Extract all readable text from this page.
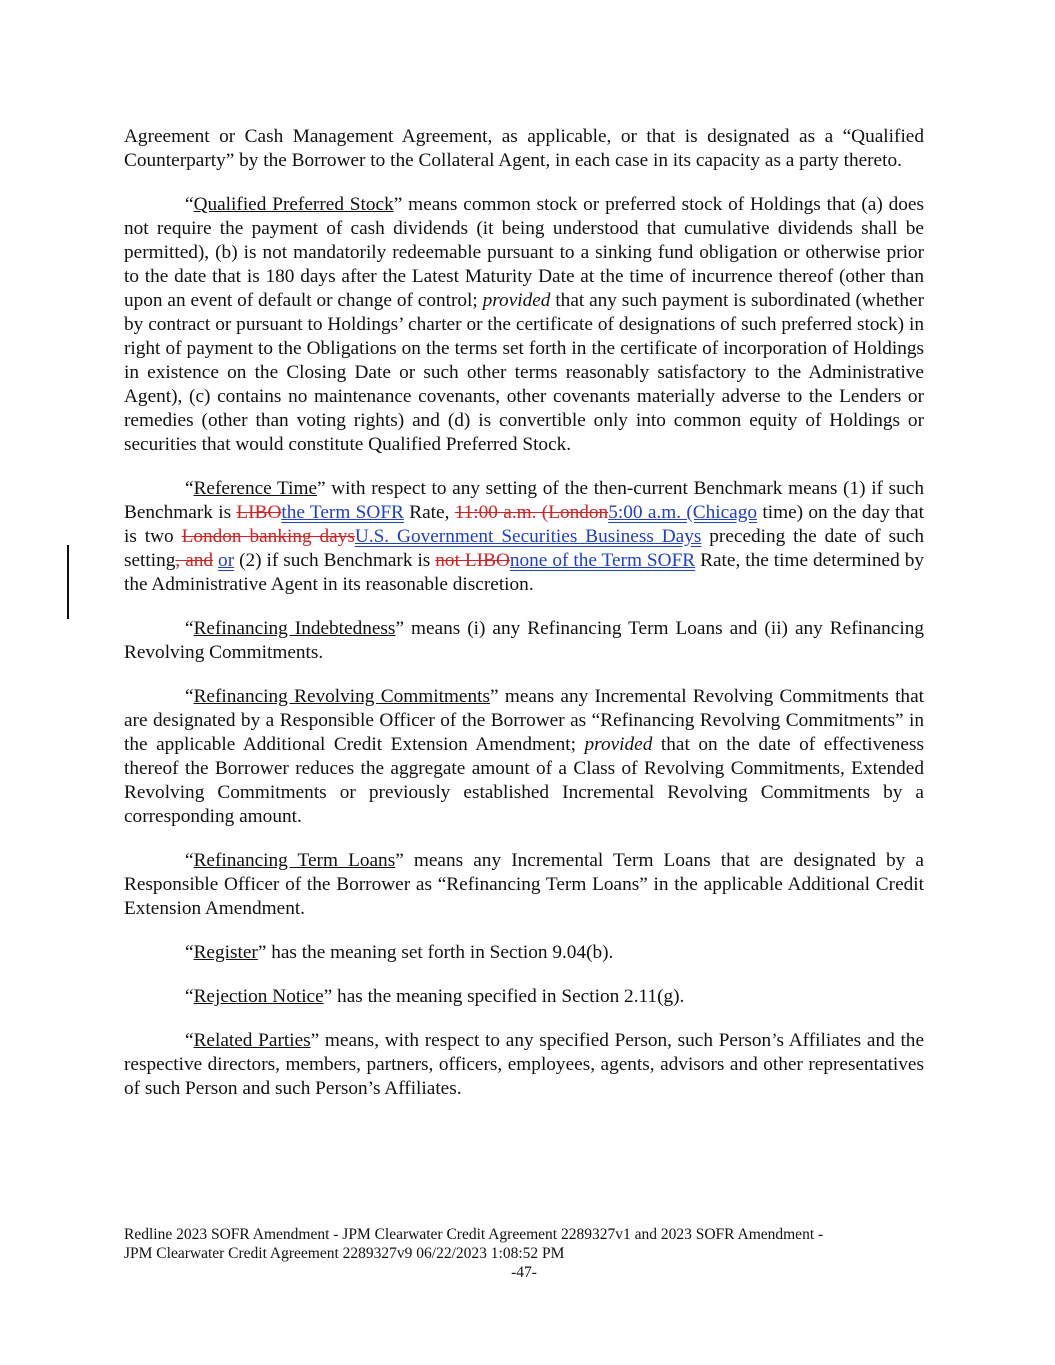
Agreement or Cash Management Agreement, as applicable, or that is designated as a “Qualified Counterparty” by the Borrower to the Collateral Agent, in each case in its capacity as a party thereto.

“Qualified Preferred Stock” means common stock or preferred stock of Holdings that (a) does not require the payment of cash dividends (it being understood that cumulative dividends shall be permitted), (b) is not mandatorily redeemable pursuant to a sinking fund obligation or otherwise prior to the date that is 180 days after the Latest Maturity Date at the time of incurrence thereof (other than upon an event of default or change of control; provided that any such payment is subordinated (whether by contract or pursuant to Holdings’ charter or the certificate of designations of such preferred stock) in right of payment to the Obligations on the terms set forth in the certificate of incorporation of Holdings in existence on the Closing Date or such other terms reasonably satisfactory to the Administrative Agent), (c) contains no maintenance covenants, other covenants materially adverse to the Lenders or remedies (other than voting rights) and (d) is convertible only into common equity of Holdings or securities that would constitute Qualified Preferred Stock.

“Reference Time” with respect to any setting of the then-current Benchmark means (1) if such Benchmark is LIBOthe Term SOFR Rate, 11:00 a.m. (London5:00 a.m. (Chicago time) on the day that is two London banking daysU.S. Government Securities Business Days preceding the date of such setting, and or (2) if such Benchmark is not LIBOnone of the Term SOFR Rate, the time determined by the Administrative Agent in its reasonable discretion.

“Refinancing Indebtedness” means (i) any Refinancing Term Loans and (ii) any Refinancing Revolving Commitments.

“Refinancing Revolving Commitments” means any Incremental Revolving Commitments that are designated by a Responsible Officer of the Borrower as “Refinancing Revolving Commitments” in the applicable Additional Credit Extension Amendment; provided that on the date of effectiveness thereof the Borrower reduces the aggregate amount of a Class of Revolving Commitments, Extended Revolving Commitments or previously established Incremental Revolving Commitments by a corresponding amount.

“Refinancing Term Loans” means any Incremental Term Loans that are designated by a Responsible Officer of the Borrower as “Refinancing Term Loans” in the applicable Additional Credit Extension Amendment.

“Register” has the meaning set forth in Section 9.04(b).

“Rejection Notice” has the meaning specified in Section 2.11(g).

“Related Parties” means, with respect to any specified Person, such Person’s Affiliates and the respective directors, members, partners, officers, employees, agents, advisors and other representatives of such Person and such Person’s Affiliates.

Redline 2023 SOFR Amendment - JPM Clearwater Credit Agreement 2289327v1 and 2023 SOFR Amendment -
JPM Clearwater Credit Agreement 2289327v9 06/22/2023 1:08:52 PM
-47-
